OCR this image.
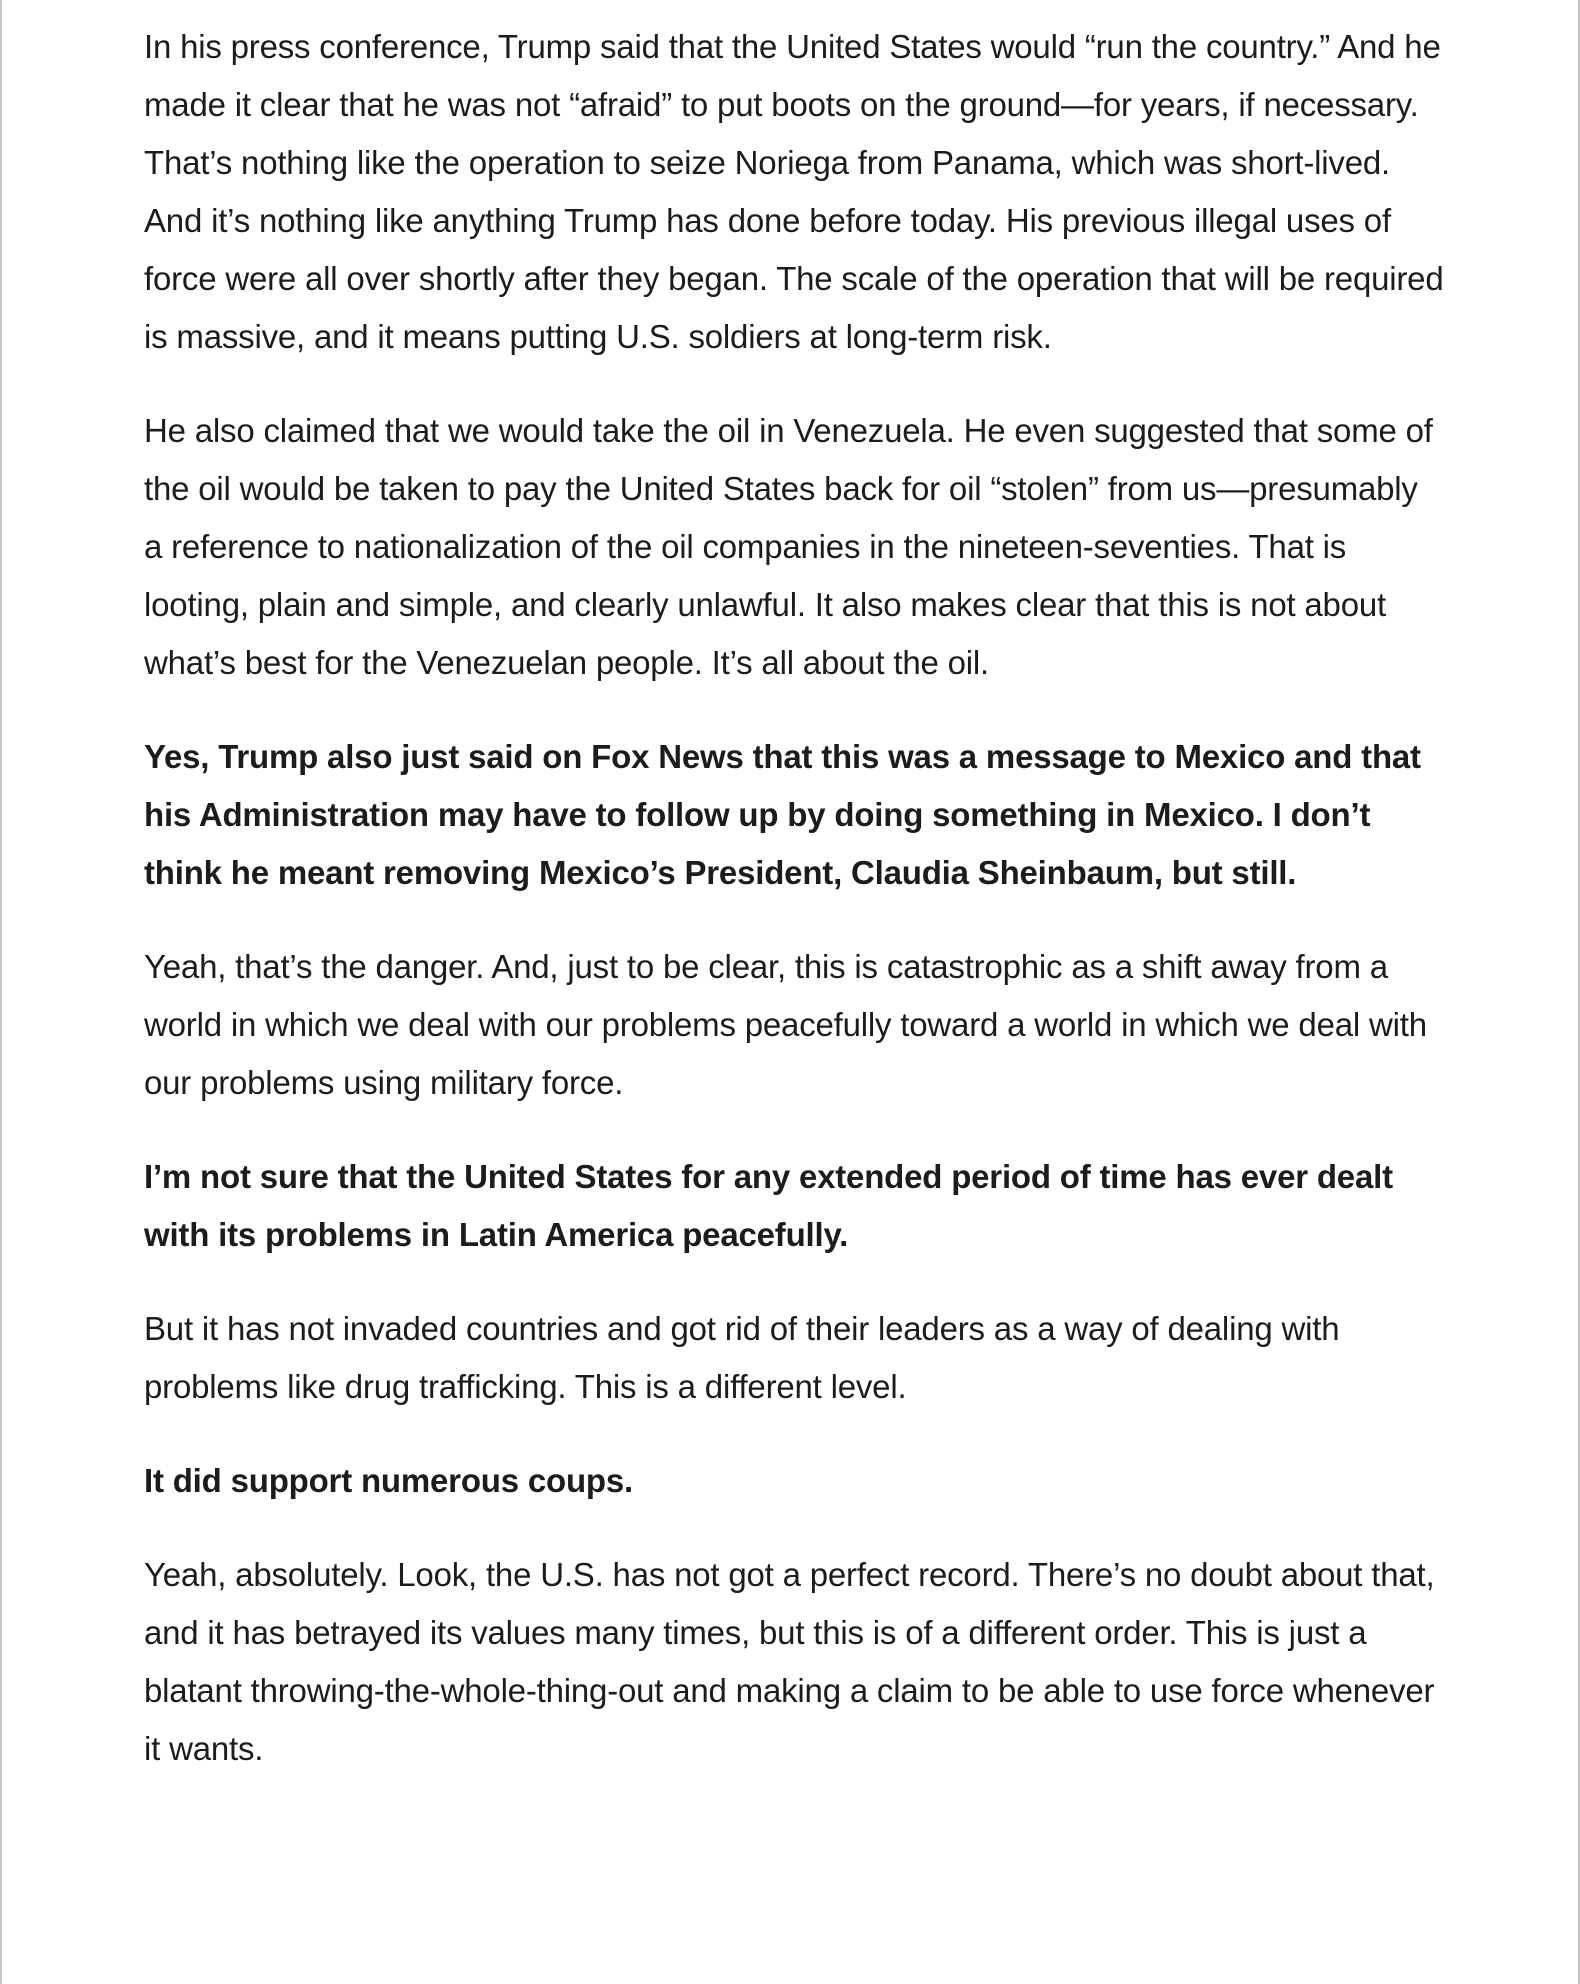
In his press conference, Trump said that the United States would “run the country.” And he made it clear that he was not “afraid” to put boots on the ground—for years, if necessary. That’s nothing like the operation to seize Noriega from Panama, which was short-lived. And it’s nothing like anything Trump has done before today. His previous illegal uses of force were all over shortly after they began. The scale of the operation that will be required is massive, and it means putting U.S. soldiers at long-term risk.

He also claimed that we would take the oil in Venezuela. He even suggested that some of the oil would be taken to pay the United States back for oil “stolen” from us—presumably a reference to nationalization of the oil companies in the nineteen-seventies. That is looting, plain and simple, and clearly unlawful. It also makes clear that this is not about what’s best for the Venezuelan people. It’s all about the oil.

Yes, Trump also just said on Fox News that this was a message to Mexico and that his Administration may have to follow up by doing something in Mexico. I don’t think he meant removing Mexico’s President, Claudia Sheinbaum, but still.

Yeah, that’s the danger. And, just to be clear, this is catastrophic as a shift away from a world in which we deal with our problems peacefully toward a world in which we deal with our problems using military force.

I’m not sure that the United States for any extended period of time has ever dealt with its problems in Latin America peacefully.

But it has not invaded countries and got rid of their leaders as a way of dealing with problems like drug trafficking. This is a different level.

It did support numerous coups.

Yeah, absolutely. Look, the U.S. has not got a perfect record. There’s no doubt about that, and it has betrayed its values many times, but this is of a different order. This is just a blatant throwing-the-whole-thing-out and making a claim to be able to use force whenever it wants.
